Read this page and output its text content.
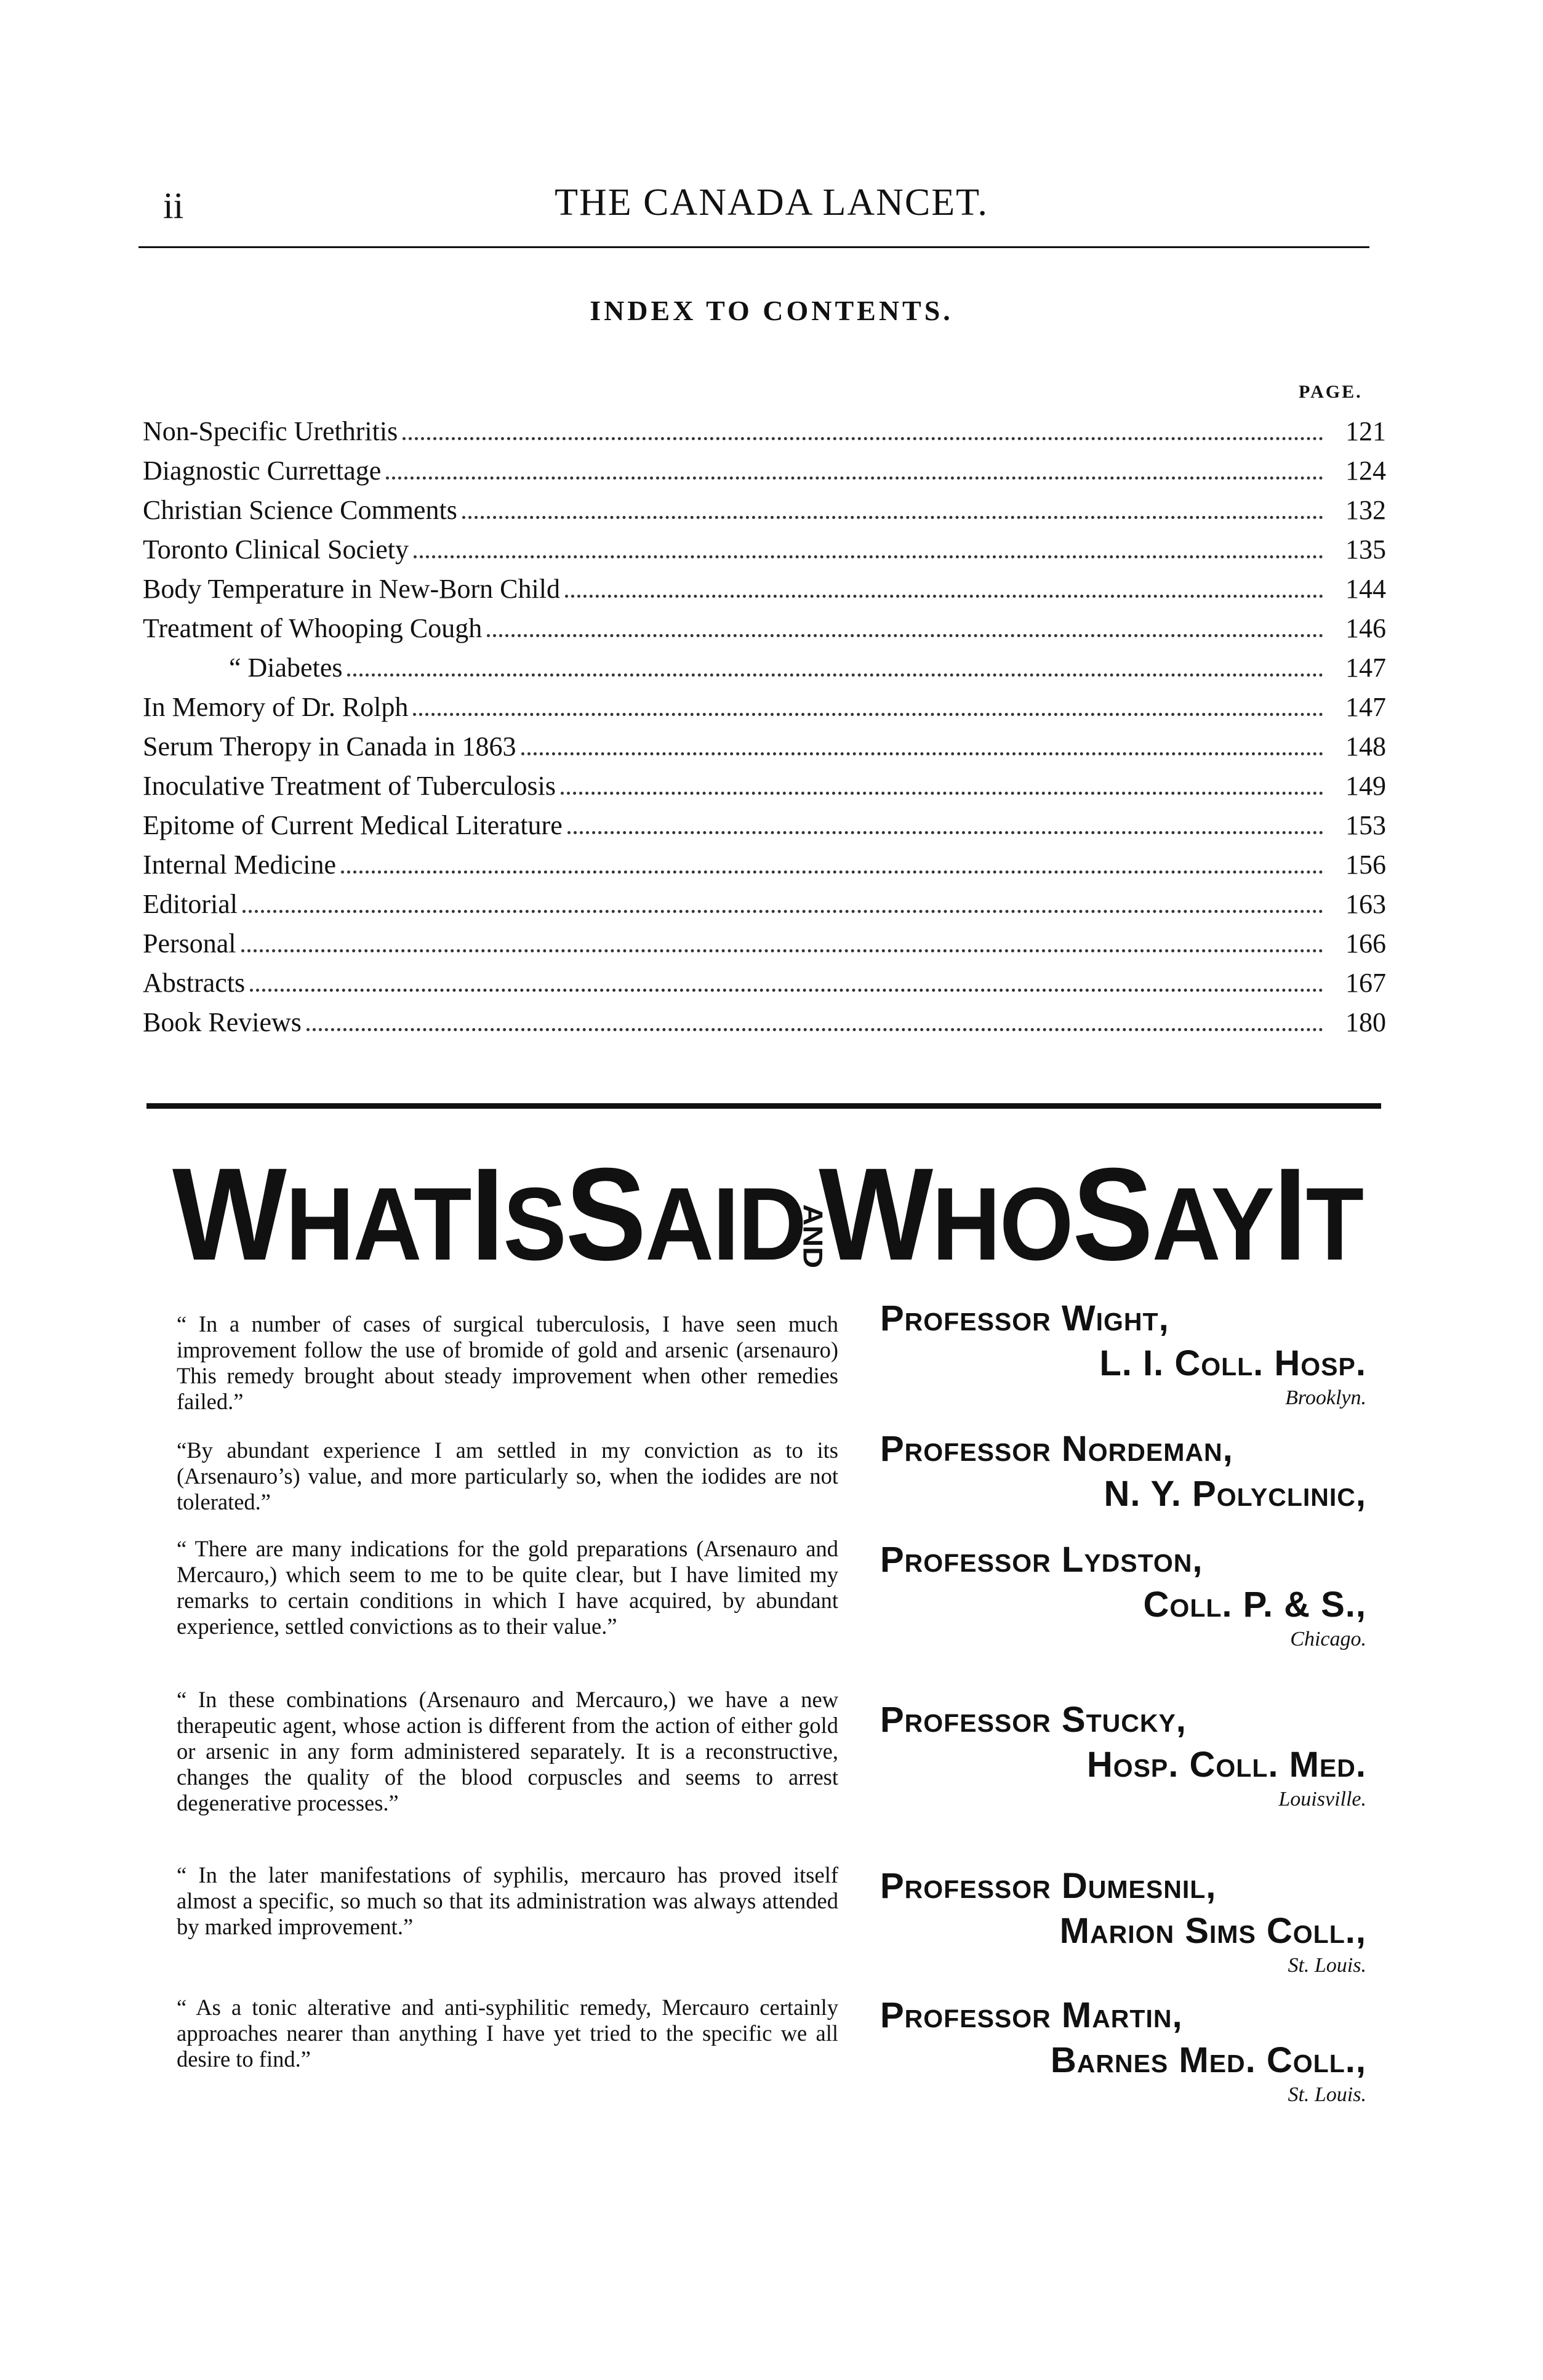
ii	THE CANADA LANCET.
INDEX TO CONTENTS.
PAGE.
Non-Specific Urethritis	121
Diagnostic Currettage	124
Christian Science Comments	132
Toronto Clinical Society	135
Body Temperature in New-Born Child	144
Treatment of Whooping Cough	146
“ Diabetes	147
In Memory of Dr. Rolph	147
Serum Theropy in Canada in 1863	148
Inoculative Treatment of Tuberculosis	149
Epitome of Current Medical Literature	153
Internal Medicine	156
Editorial	163
Personal	166
Abstracts	167
Book Reviews	180
WHAT IS SAID
AND
WHO SAY IT
“ In a number of cases of surgical tuberculosis, I have seen much improvement follow the use of bromide of gold and arsenic (arsenauro) This remedy brought about steady improvement when other remedies failed.”
Professor Wight,
L. I. Coll. Hosp.
Brooklyn.
“By abundant experience I am settled in my conviction as to its (Arsenauro’s) value, and more particularly so, when the iodides are not tolerated.”
Professor Nordeman,
N. Y. Polyclinic,
“ There are many indications for the gold preparations (Arsenauro and Mercauro,) which seem to me to be quite clear, but I have limited my remarks to certain conditions in which I have acquired, by abundant experience, settled convictions as to their value.”
Professor Lydston,
Coll. P. & S.,
Chicago.
“ In these combinations (Arsenauro and Mercauro,) we have a new therapeutic agent, whose action is different from the action of either gold or arsenic in any form administered separately. It is a reconstructive, changes the quality of the blood corpuscles and seems to arrest degenerative processes.”
Professor Stucky,
Hosp. Coll. Med.
Louisville.
“ In the later manifestations of syphilis, mercauro has proved itself almost a specific, so much so that its administration was always attended by marked improvement.”
Professor Dumesnil,
Marion Sims Coll.,
St. Louis.
“ As a tonic alterative and anti-syphilitic remedy, Mercauro certainly approaches nearer than anything I have yet tried to the specific we all desire to find.”
Professor Martin,
Barnes Med. Coll.,
St. Louis.
